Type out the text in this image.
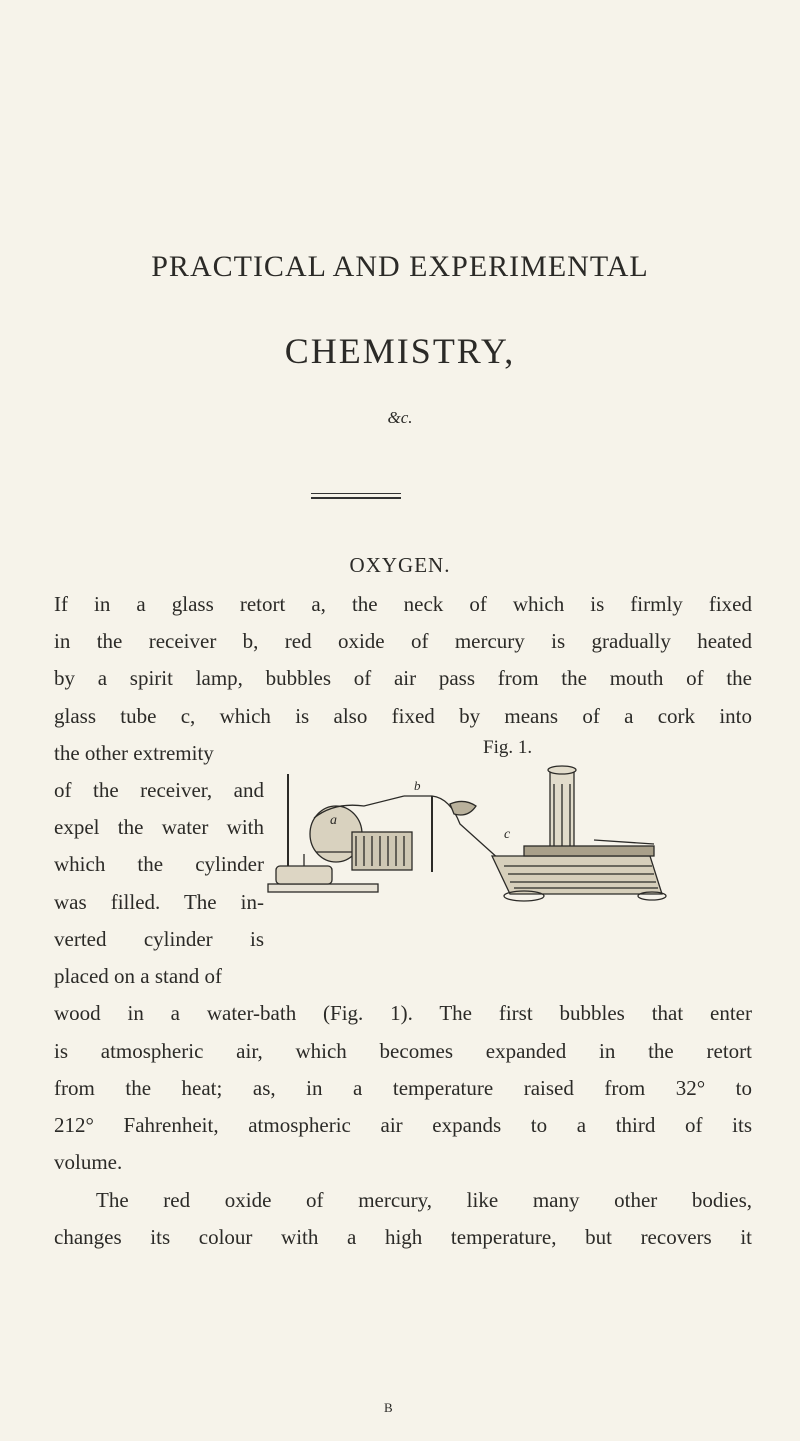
PRACTICAL AND EXPERIMENTAL
CHEMISTRY,
&c.
OXYGEN.
If in a glass retort a, the neck of which is firmly fixed
in the receiver b, red oxide of mercury is gradually heated
by a spirit lamp, bubbles of air pass from the mouth of the
glass tube c, which is also fixed by means of a cork into
the other extremity
of the receiver, and
expel the water with
which the cylinder
was filled. The in-
verted cylinder is
placed on a stand of
wood in a water-bath (Fig. 1). The first bubbles that enter
is atmospheric air, which becomes expanded in the retort
from the heat; as, in a temperature raised from 32° to
212° Fahrenheit, atmospheric air expands to a third of its
volume.
The red oxide of mercury, like many other bodies,
changes its colour with a high temperature, but recovers it
Fig. 1.
a
b
c
B
